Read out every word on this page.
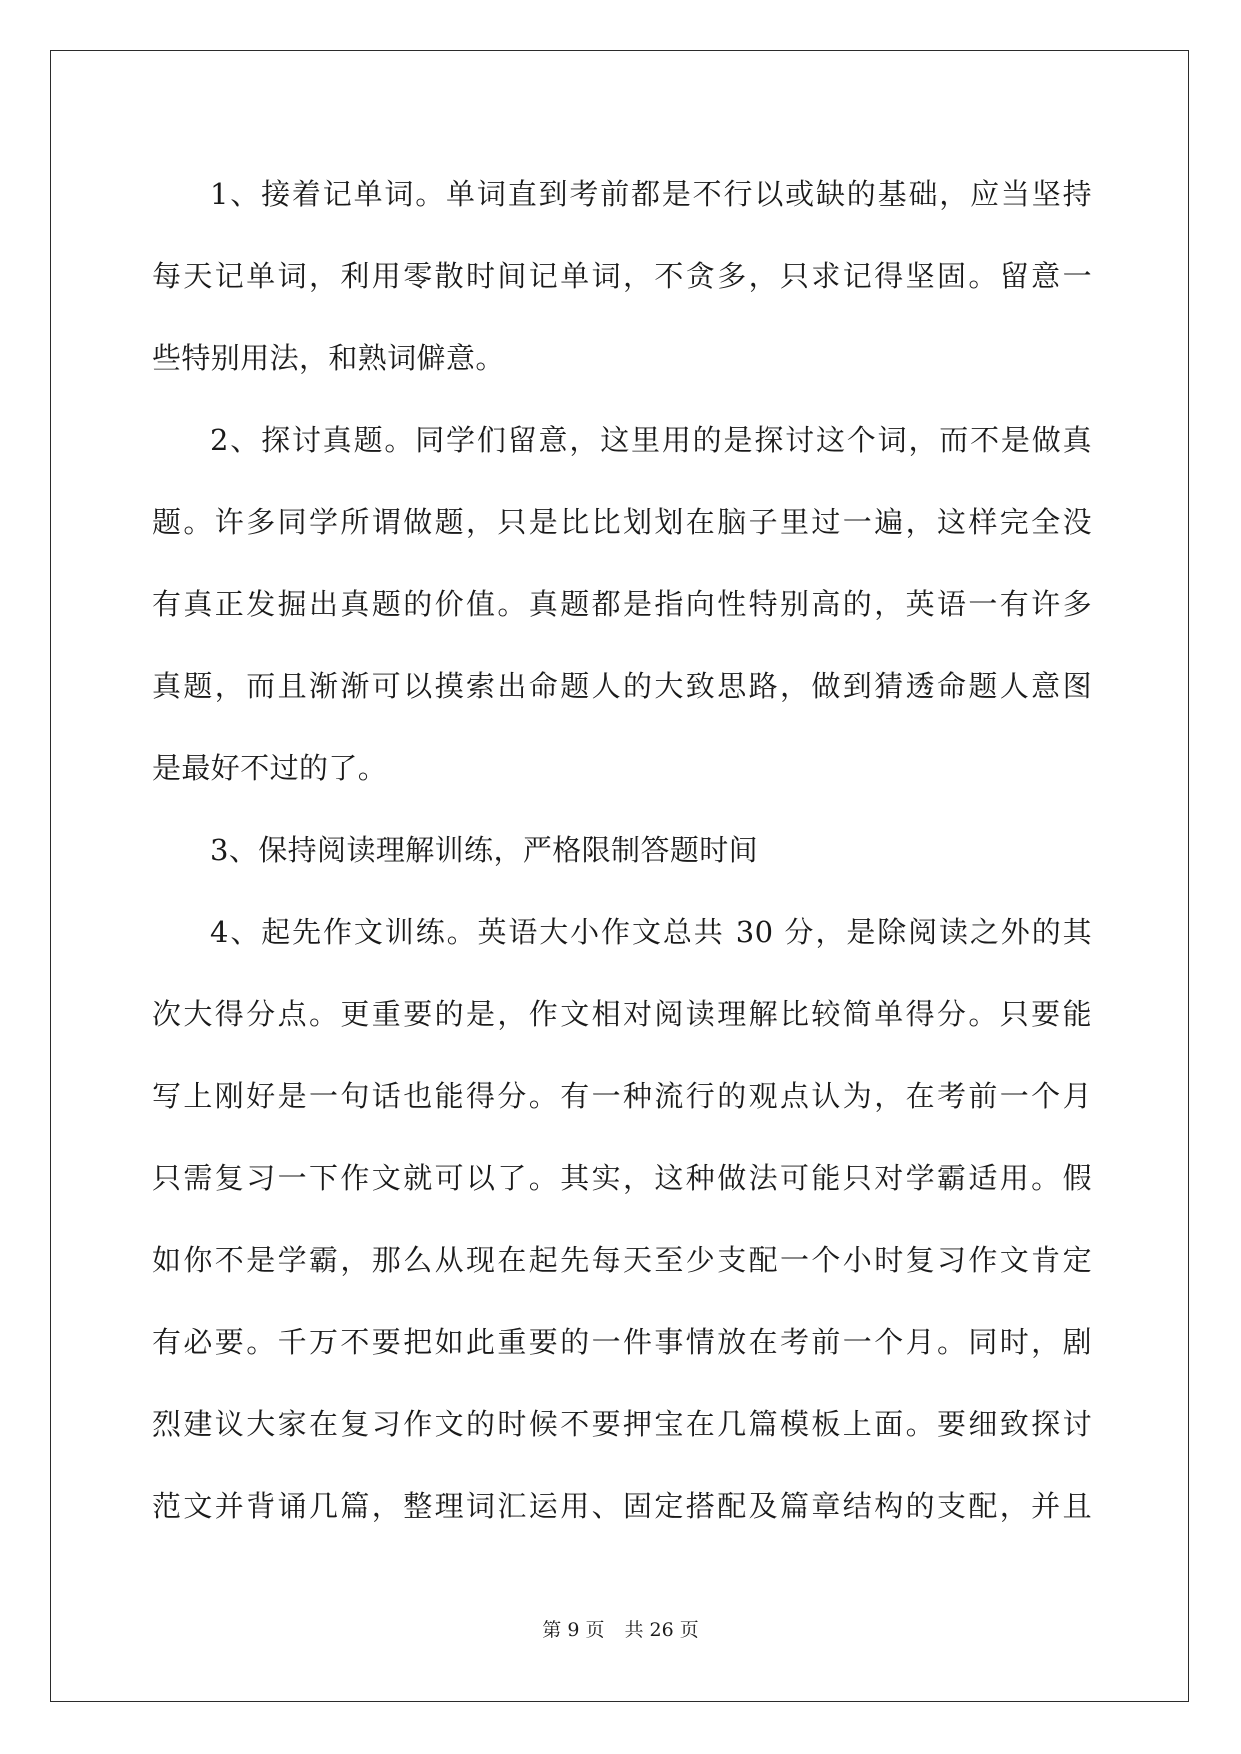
1、接着记单词。单词直到考前都是不行以或缺的基础，应当坚持
每天记单词，利用零散时间记单词，不贪多，只求记得坚固。留意一
些特别用法，和熟词僻意。
2、探讨真题。同学们留意，这里用的是探讨这个词，而不是做真
题。许多同学所谓做题，只是比比划划在脑子里过一遍，这样完全没
有真正发掘出真题的价值。真题都是指向性特别高的，英语一有许多
真题，而且渐渐可以摸索出命题人的大致思路，做到猜透命题人意图
是最好不过的了。
3、保持阅读理解训练，严格限制答题时间
4、起先作文训练。英语大小作文总共 30 分，是除阅读之外的其
次大得分点。更重要的是，作文相对阅读理解比较简单得分。只要能
写上刚好是一句话也能得分。有一种流行的观点认为，在考前一个月
只需复习一下作文就可以了。其实，这种做法可能只对学霸适用。假
如你不是学霸，那么从现在起先每天至少支配一个小时复习作文肯定
有必要。千万不要把如此重要的一件事情放在考前一个月。同时，剧
烈建议大家在复习作文的时候不要押宝在几篇模板上面。要细致探讨
范文并背诵几篇，整理词汇运用、固定搭配及篇章结构的支配，并且
第 9 页 共 26 页
